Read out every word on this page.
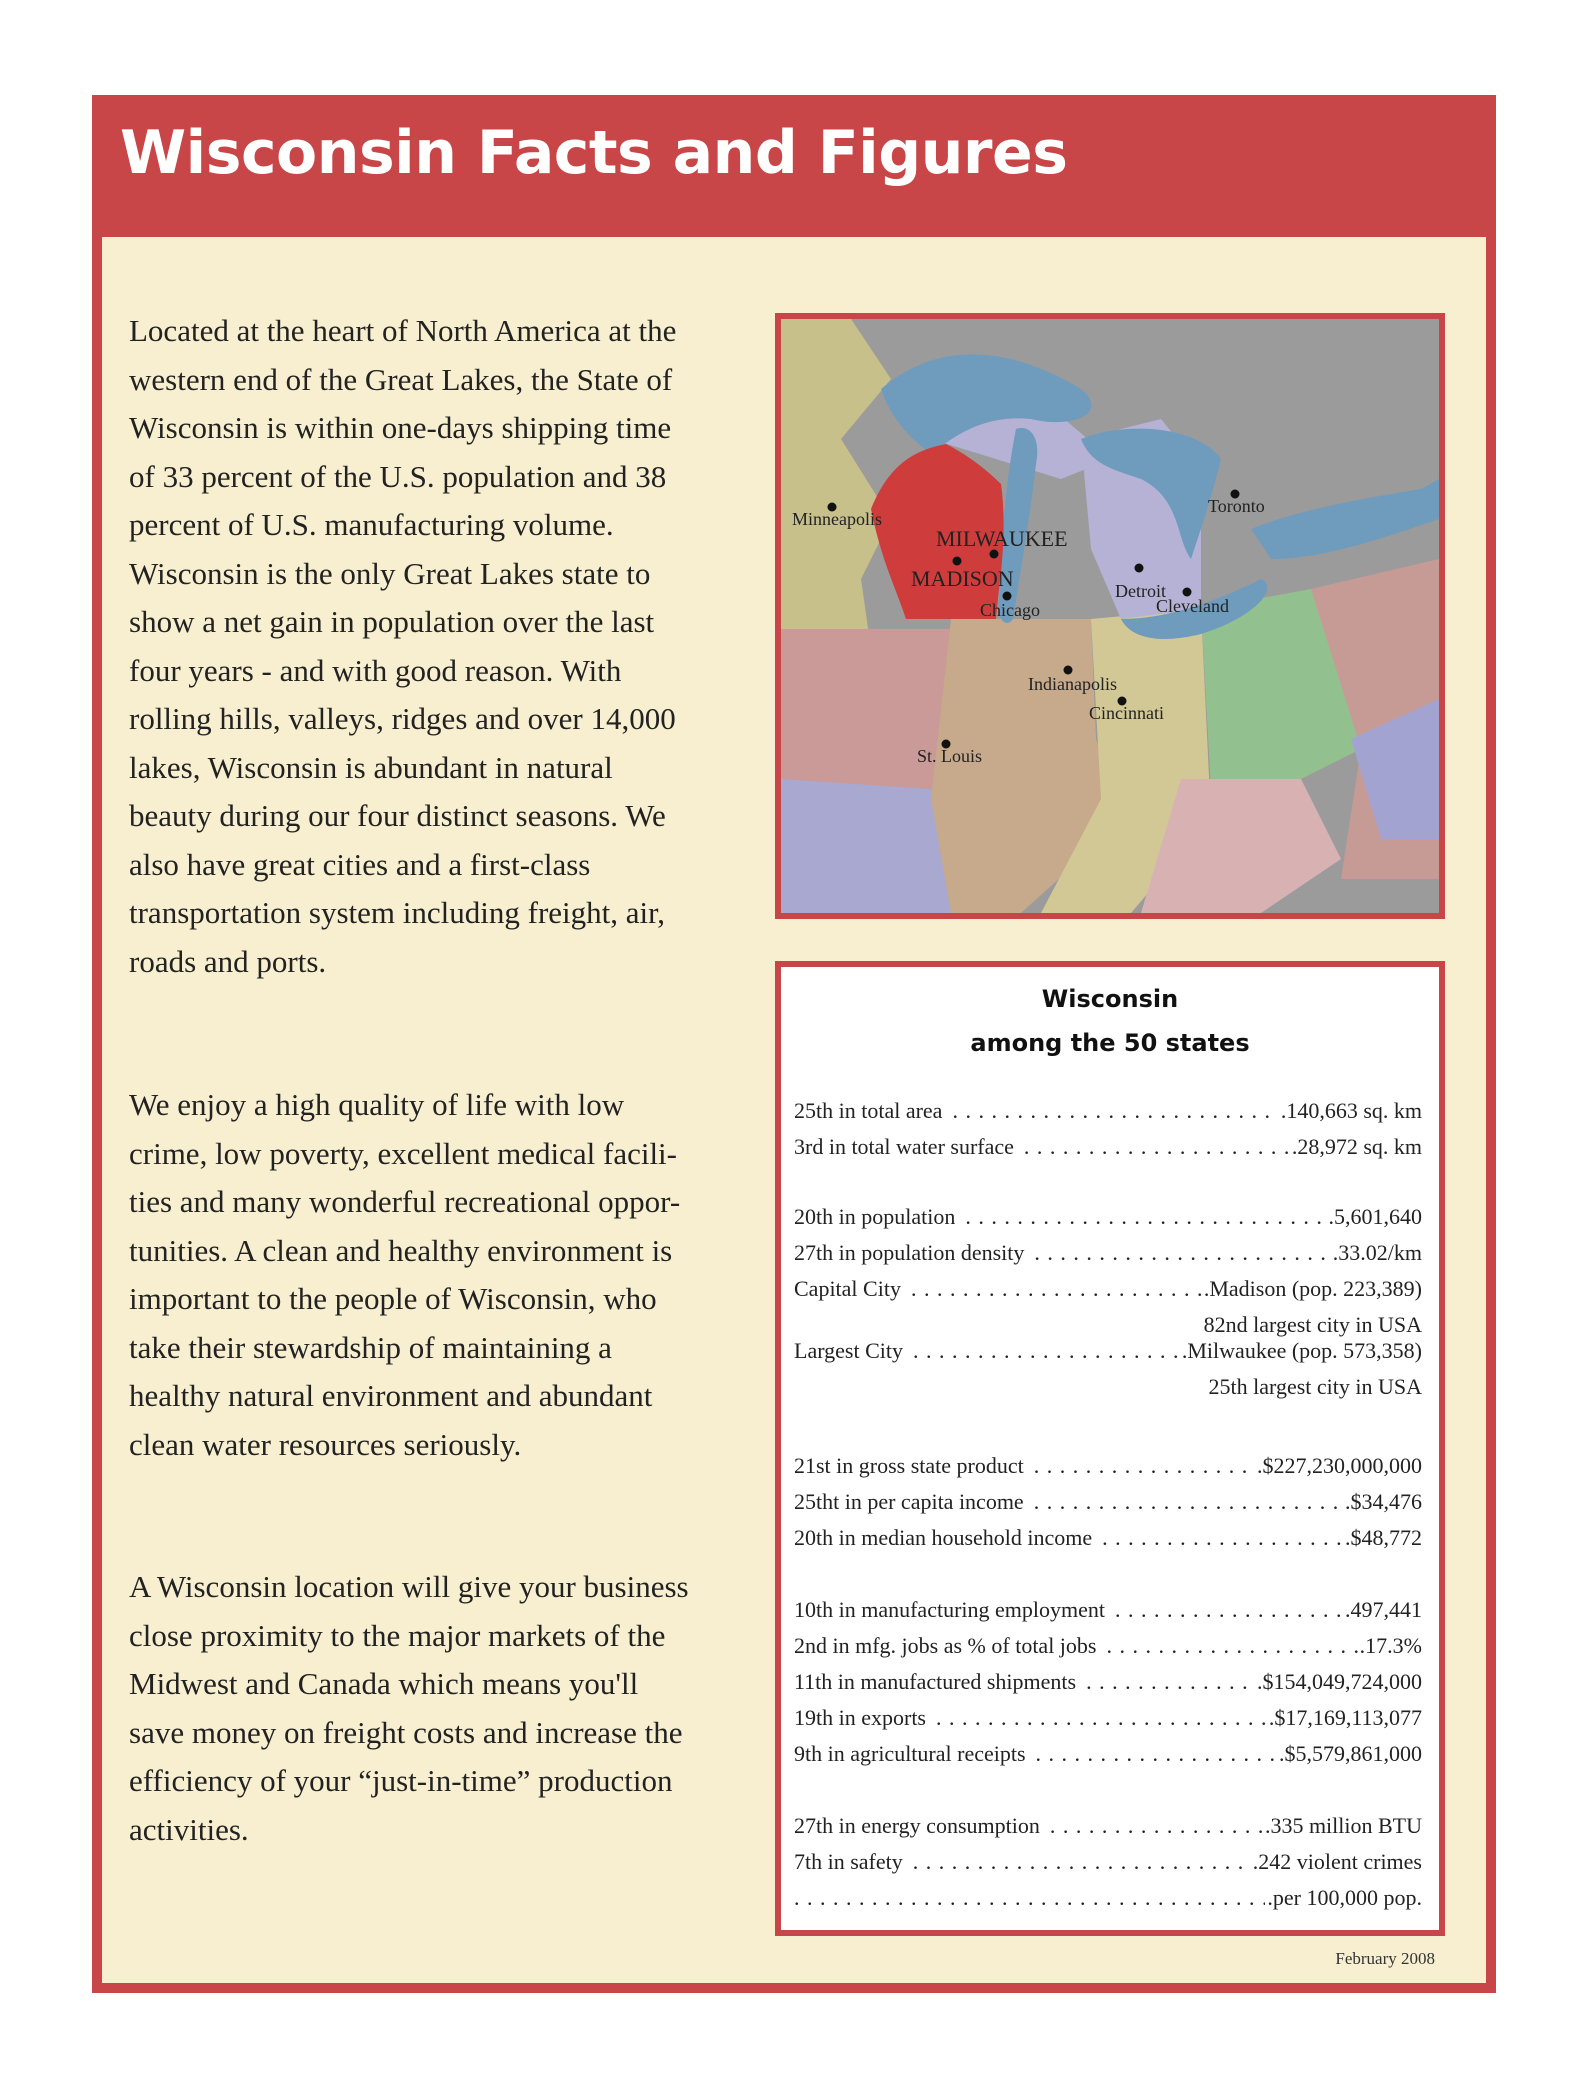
Wisconsin Facts and Figures

Located at the heart of North America at the
western end of the Great Lakes, the State of
Wisconsin is within one-days shipping time
of 33 percent of the U.S. population and 38
percent of U.S. manufacturing volume.
Wisconsin is the only Great Lakes state to
show a net gain in population over the last
four years - and with good reason. With
rolling hills, valleys, ridges and over 14,000
lakes, Wisconsin is abundant in natural
beauty during our four distinct seasons. We
also have great cities and a first-class
transportation system including freight, air,
roads and ports.

We enjoy a high quality of life with low
crime, low poverty, excellent medical facili-
ties and many wonderful recreational oppor-
tunities. A clean and healthy environment is
important to the people of Wisconsin, who
take their stewardship of maintaining a
healthy natural environment and abundant
clean water resources seriously.

A Wisconsin location will give your business
close proximity to the major markets of the
Midwest and Canada which means you'll
save money on freight costs and increase the
efficiency of your “just-in-time” production
activities.

Minneapolis
MILWAUKEE
MADISON
Chicago
Detroit
Cleveland
Toronto
Indianapolis
Cincinnati
St. Louis
Wisconsin
among the 50 states
25th in total area . . .	.140,663 sq. km
3rd in total water surface . . .	.28,972 sq. km
20th in population . . .	.5,601,640
27th in population density . . .	.33.02/km
Capital City . . .	.Madison (pop. 223,389)
82nd largest city in USA
Largest City . . .	.Milwaukee (pop. 573,358)
25th largest city in USA
21st in gross state product . . .	.$227,230,000,000
25tht in per capita income . . .	.$34,476
20th in median household income . . .	.$48,772
10th in manufacturing employment . . .	.497,441
2nd in mfg. jobs as % of total jobs . . .	.17.3%
11th in manufactured shipments . . .	.$154,049,724,000
19th in exports . . .	.$17,169,113,077
9th in agricultural receipts . . .	.$5,579,861,000
27th in energy consumption . . .	.335 million BTU
7th in safety . . .	.242 violent crimes
. . .
.per 100,000 pop.
February 2008
